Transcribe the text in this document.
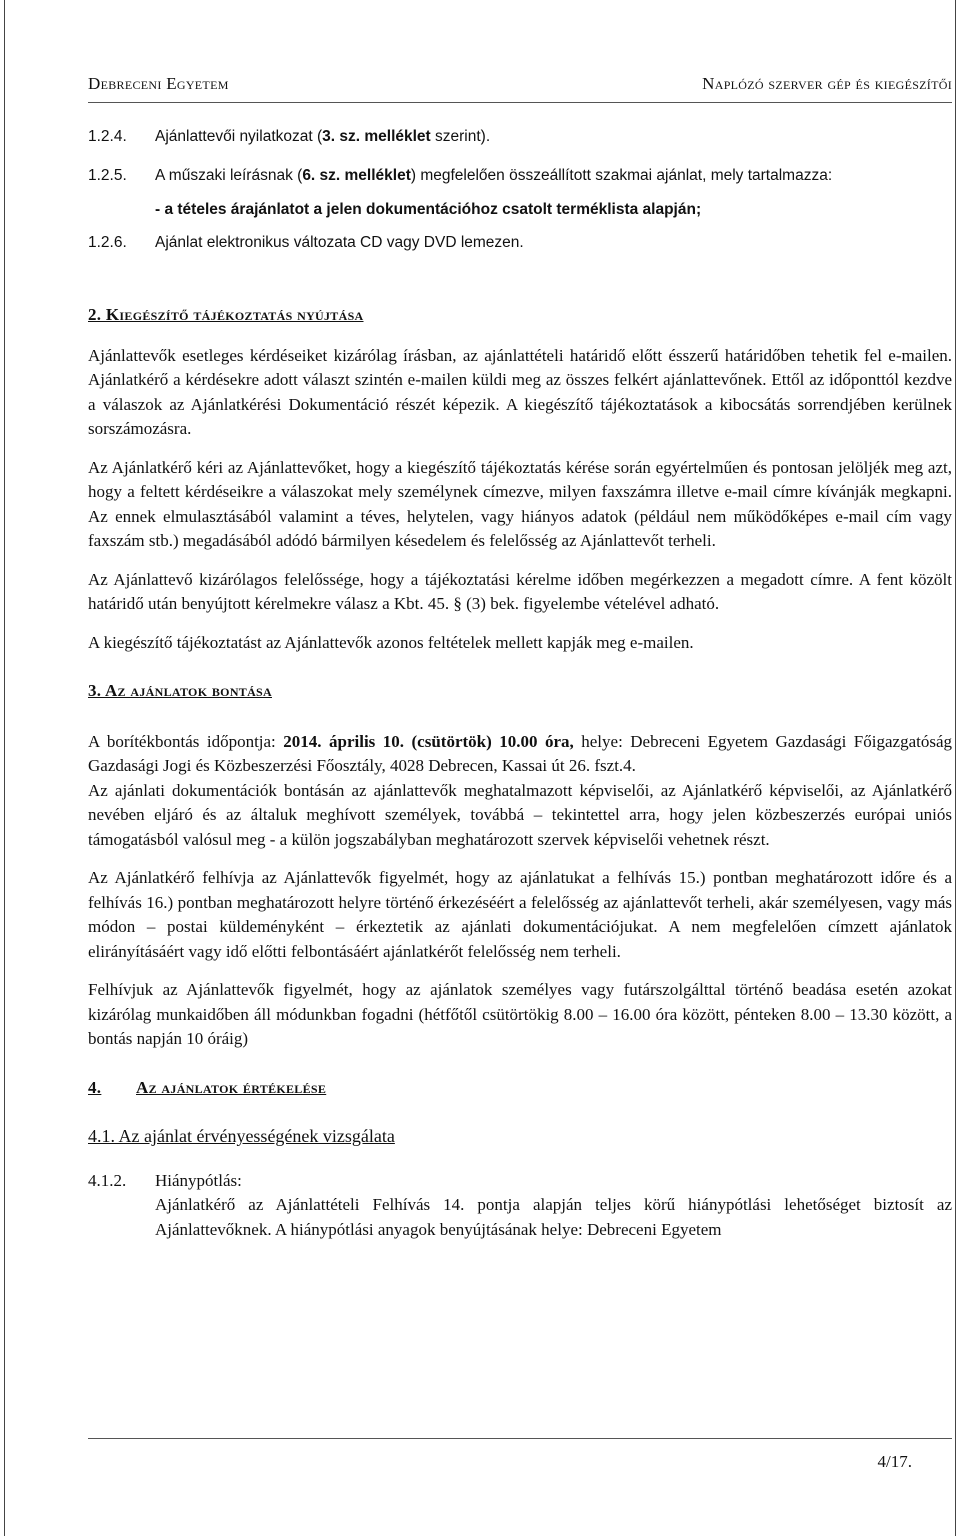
Debreceni Egyetem	Naplózó szerver gép és kiegészítői
1.2.4.	Ajánlattevői nyilatkozat (3. sz. melléklet szerint).
1.2.5.	A műszaki leírásnak (6. sz. melléklet) megfelelően összeállított szakmai ajánlat, mely tartalmazza:

- a tételes árajánlatot a jelen dokumentációhoz csatolt terméklista alapján;

1.2.6.	Ajánlat elektronikus változata CD vagy DVD lemezen.
2. Kiegészítő tájékoztatás nyújtása

Ajánlattevők esetleges kérdéseiket kizárólag írásban, az ajánlattételi határidő előtt ésszerű határidőben tehetik fel e-mailen. Ajánlatkérő a kérdésekre adott választ szintén e-mailen küldi meg az összes felkért ajánlattevőnek. Ettől az időponttól kezdve a válaszok az Ajánlatkérési Dokumentáció részét képezik. A kiegészítő tájékoztatások a kibocsátás sorrendjében kerülnek sorszámozásra.

Az Ajánlatkérő kéri az Ajánlattevőket, hogy a kiegészítő tájékoztatás kérése során egyértelműen és pontosan jelöljék meg azt, hogy a feltett kérdéseikre a válaszokat mely személynek címezve, milyen faxszámra illetve e-mail címre kívánják megkapni. Az ennek elmulasztásából valamint a téves, helytelen, vagy hiányos adatok (például nem működőképes e-mail cím vagy faxszám stb.) megadásából adódó bármilyen késedelem és felelősség az Ajánlattevőt terheli.

Az Ajánlattevő kizárólagos felelőssége, hogy a tájékoztatási kérelme időben megérkezzen a megadott címre. A fent közölt határidő után benyújtott kérelmekre válasz a Kbt. 45. § (3) bek. figyelembe vételével adható.

A kiegészítő tájékoztatást az Ajánlattevők azonos feltételek mellett kapják meg e-mailen.

3. Az ajánlatok bontása

A borítékbontás időpontja: 2014. április 10. (csütörtök) 10.00 óra, helye: Debreceni Egyetem Gazdasági Főigazgatóság Gazdasági Jogi és Közbeszerzési Főosztály, 4028 Debrecen, Kassai út 26. fszt.4.

Az ajánlati dokumentációk bontásán az ajánlattevők meghatalmazott képviselői, az Ajánlatkérő képviselői, az Ajánlatkérő nevében eljáró és az általuk meghívott személyek, továbbá – tekintettel arra, hogy jelen közbeszerzés európai uniós támogatásból valósul meg - a külön jogszabályban meghatározott szervek képviselői vehetnek részt.

Az Ajánlatkérő felhívja az Ajánlattevők figyelmét, hogy az ajánlatukat a felhívás 15.) pontban meghatározott időre és a felhívás 16.) pontban meghatározott helyre történő érkezéséért a felelősség az ajánlattevőt terheli, akár személyesen, vagy más módon – postai küldeményként – érkeztetik az ajánlati dokumentációjukat. A nem megfelelően címzett ajánlatok elirányításáért vagy idő előtti felbontásáért ajánlatkérőt felelősség nem terheli.

Felhívjuk az Ajánlattevők figyelmét, hogy az ajánlatok személyes vagy futárszolgálttal történő beadása esetén azokat kizárólag munkaidőben áll módunkban fogadni (hétfőtől csütörtökig 8.00 – 16.00 óra között, pénteken 8.00 – 13.30 között, a bontás napján 10 óráig)

4.	Az ajánlatok értékelése

4.1. Az ajánlat érvényességének vizsgálata

4.1.2.	Hiánypótlás:

Ajánlatkérő az Ajánlattételi Felhívás 14. pontja alapján teljes körű hiánypótlási lehetőséget biztosít az Ajánlattevőknek. A hiánypótlási anyagok benyújtásának helye: Debreceni Egyetem

4/17.
